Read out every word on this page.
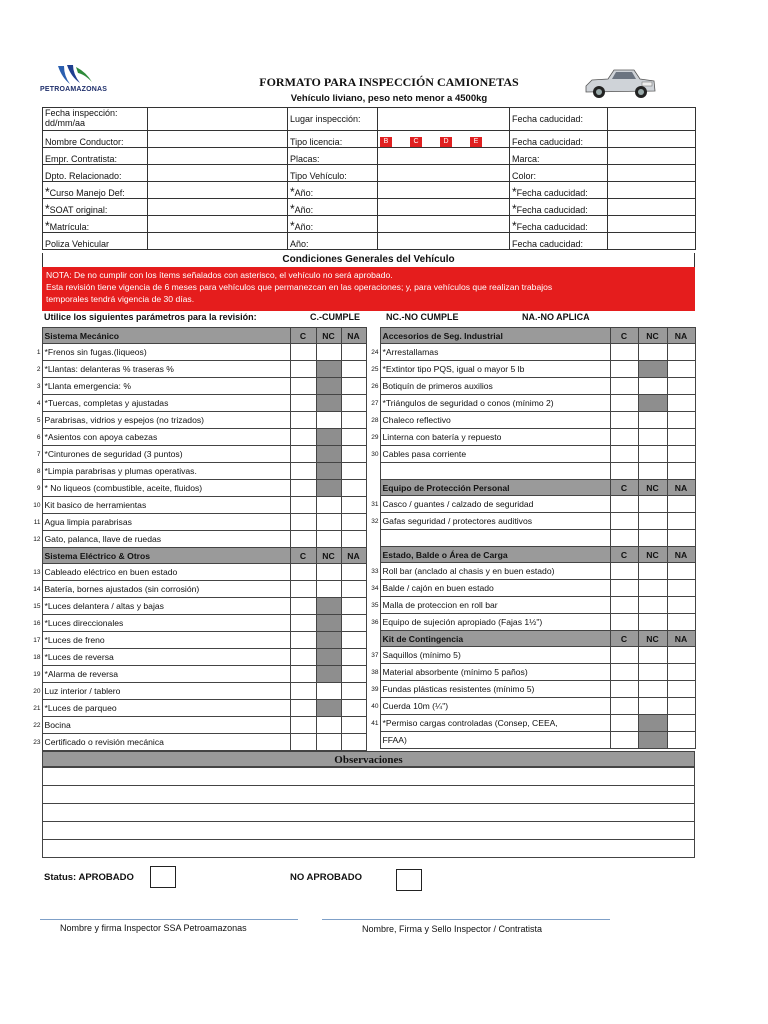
PETROAMAZONAS
FORMATO PARA INSPECCIÓN CAMIONETAS
Vehículo liviano, peso neto menor a 4500kg
Fecha inspección:
dd/mm/aa		Lugar inspección:		Fecha caducidad:	
Nombre Conductor:		Tipo licencia:	B C D E	Fecha caducidad:	
Empr. Contratista:		Placas:		Marca:	
Dpto. Relacionado:		Tipo Vehículo:		Color:	
*Curso Manejo Def:		*Año:		*Fecha caducidad:	
*SOAT original:		*Año:		*Fecha caducidad:	
*Matrícula:		*Año:		*Fecha caducidad:	
Poliza Vehicular		Año:		Fecha caducidad:	
Condiciones Generales del Vehículo
NOTA: De no cumplir con los ítems señalados con asterisco, el vehículo no será aprobado.
Esta revisión tiene vigencia de 6 meses para vehículos que permanezcan en las operaciones; y, para vehículos que realizan trabajos
temporales tendrá vigencia de 30 días.
Utilice los siguientes parámetros para la revisión:	C.-CUMPLE	NC.-NO CUMPLE	NA.-NO APLICA
	Sistema Mecánico	C	NC	NA
1	*Frenos sin fugas.(liqueos)			
2	*Llantas: delanteras % traseras %			
3	*Llanta emergencia: %			
4	*Tuercas, completas y ajustadas			
5	Parabrisas, vidrios y espejos (no trizados)			
6	*Asientos con apoya cabezas			
7	*Cinturones de seguridad (3 puntos)			
8	*Limpia parabrisas y plumas operativas.			
9	* No liqueos (combustible, aceite, fluidos)			
10	Kit basico de herramientas			
11	Agua limpia parabrisas			
12	Gato, palanca, llave de ruedas			
	Sistema Eléctrico & Otros	C	NC	NA
13	Cableado eléctrico en buen estado			
14	Batería, bornes ajustados (sin corrosión)			
15	*Luces delantera / altas y bajas			
16	*Luces direccionales			
17	*Luces de freno			
18	*Luces de reversa			
19	*Alarma de reversa			
20	Luz interior / tablero			
21	*Luces de parqueo			
22	Bocina			
23	Certificado o revisión mecánica			
	Accesorios de Seg. Industrial	C	NC	NA
24	*Arrestallamas			
25	*Extintor tipo PQS, igual o mayor 5 lb			
26	Botiquín de primeros auxilios			
27	*Triángulos de seguridad o conos (mínimo 2)			
28	Chaleco reflectivo			
29	Linterna con batería y repuesto			
30	Cables pasa corriente			

	Equipo de Protección Personal	C	NC	NA
31	Casco / guantes / calzado de seguridad			
32	Gafas seguridad / protectores auditivos			

	Estado, Balde o Área de Carga	C	NC	NA
33	Roll bar (anclado al chasis y en buen estado)			
34	Balde / cajón en buen estado			
35	Malla de proteccion en roll bar			
36	Equipo de sujeción apropiado (Fajas 1½")			
	Kit de Contingencia	C	NC	NA
37	Saquillos (mínimo 5)			
38	Material absorbente (mínimo 5 paños)			
39	Fundas plásticas resistentes (mínimo 5)			
40	Cuerda 10m (¼")			
41	*Permiso cargas controladas (Consep, CEEA,			
	FFAA)			
Observaciones

Status: APROBADO	NO APROBADO
Nombre y firma Inspector SSA Petroamazonas	Nombre, Firma y Sello Inspector / Contratista
